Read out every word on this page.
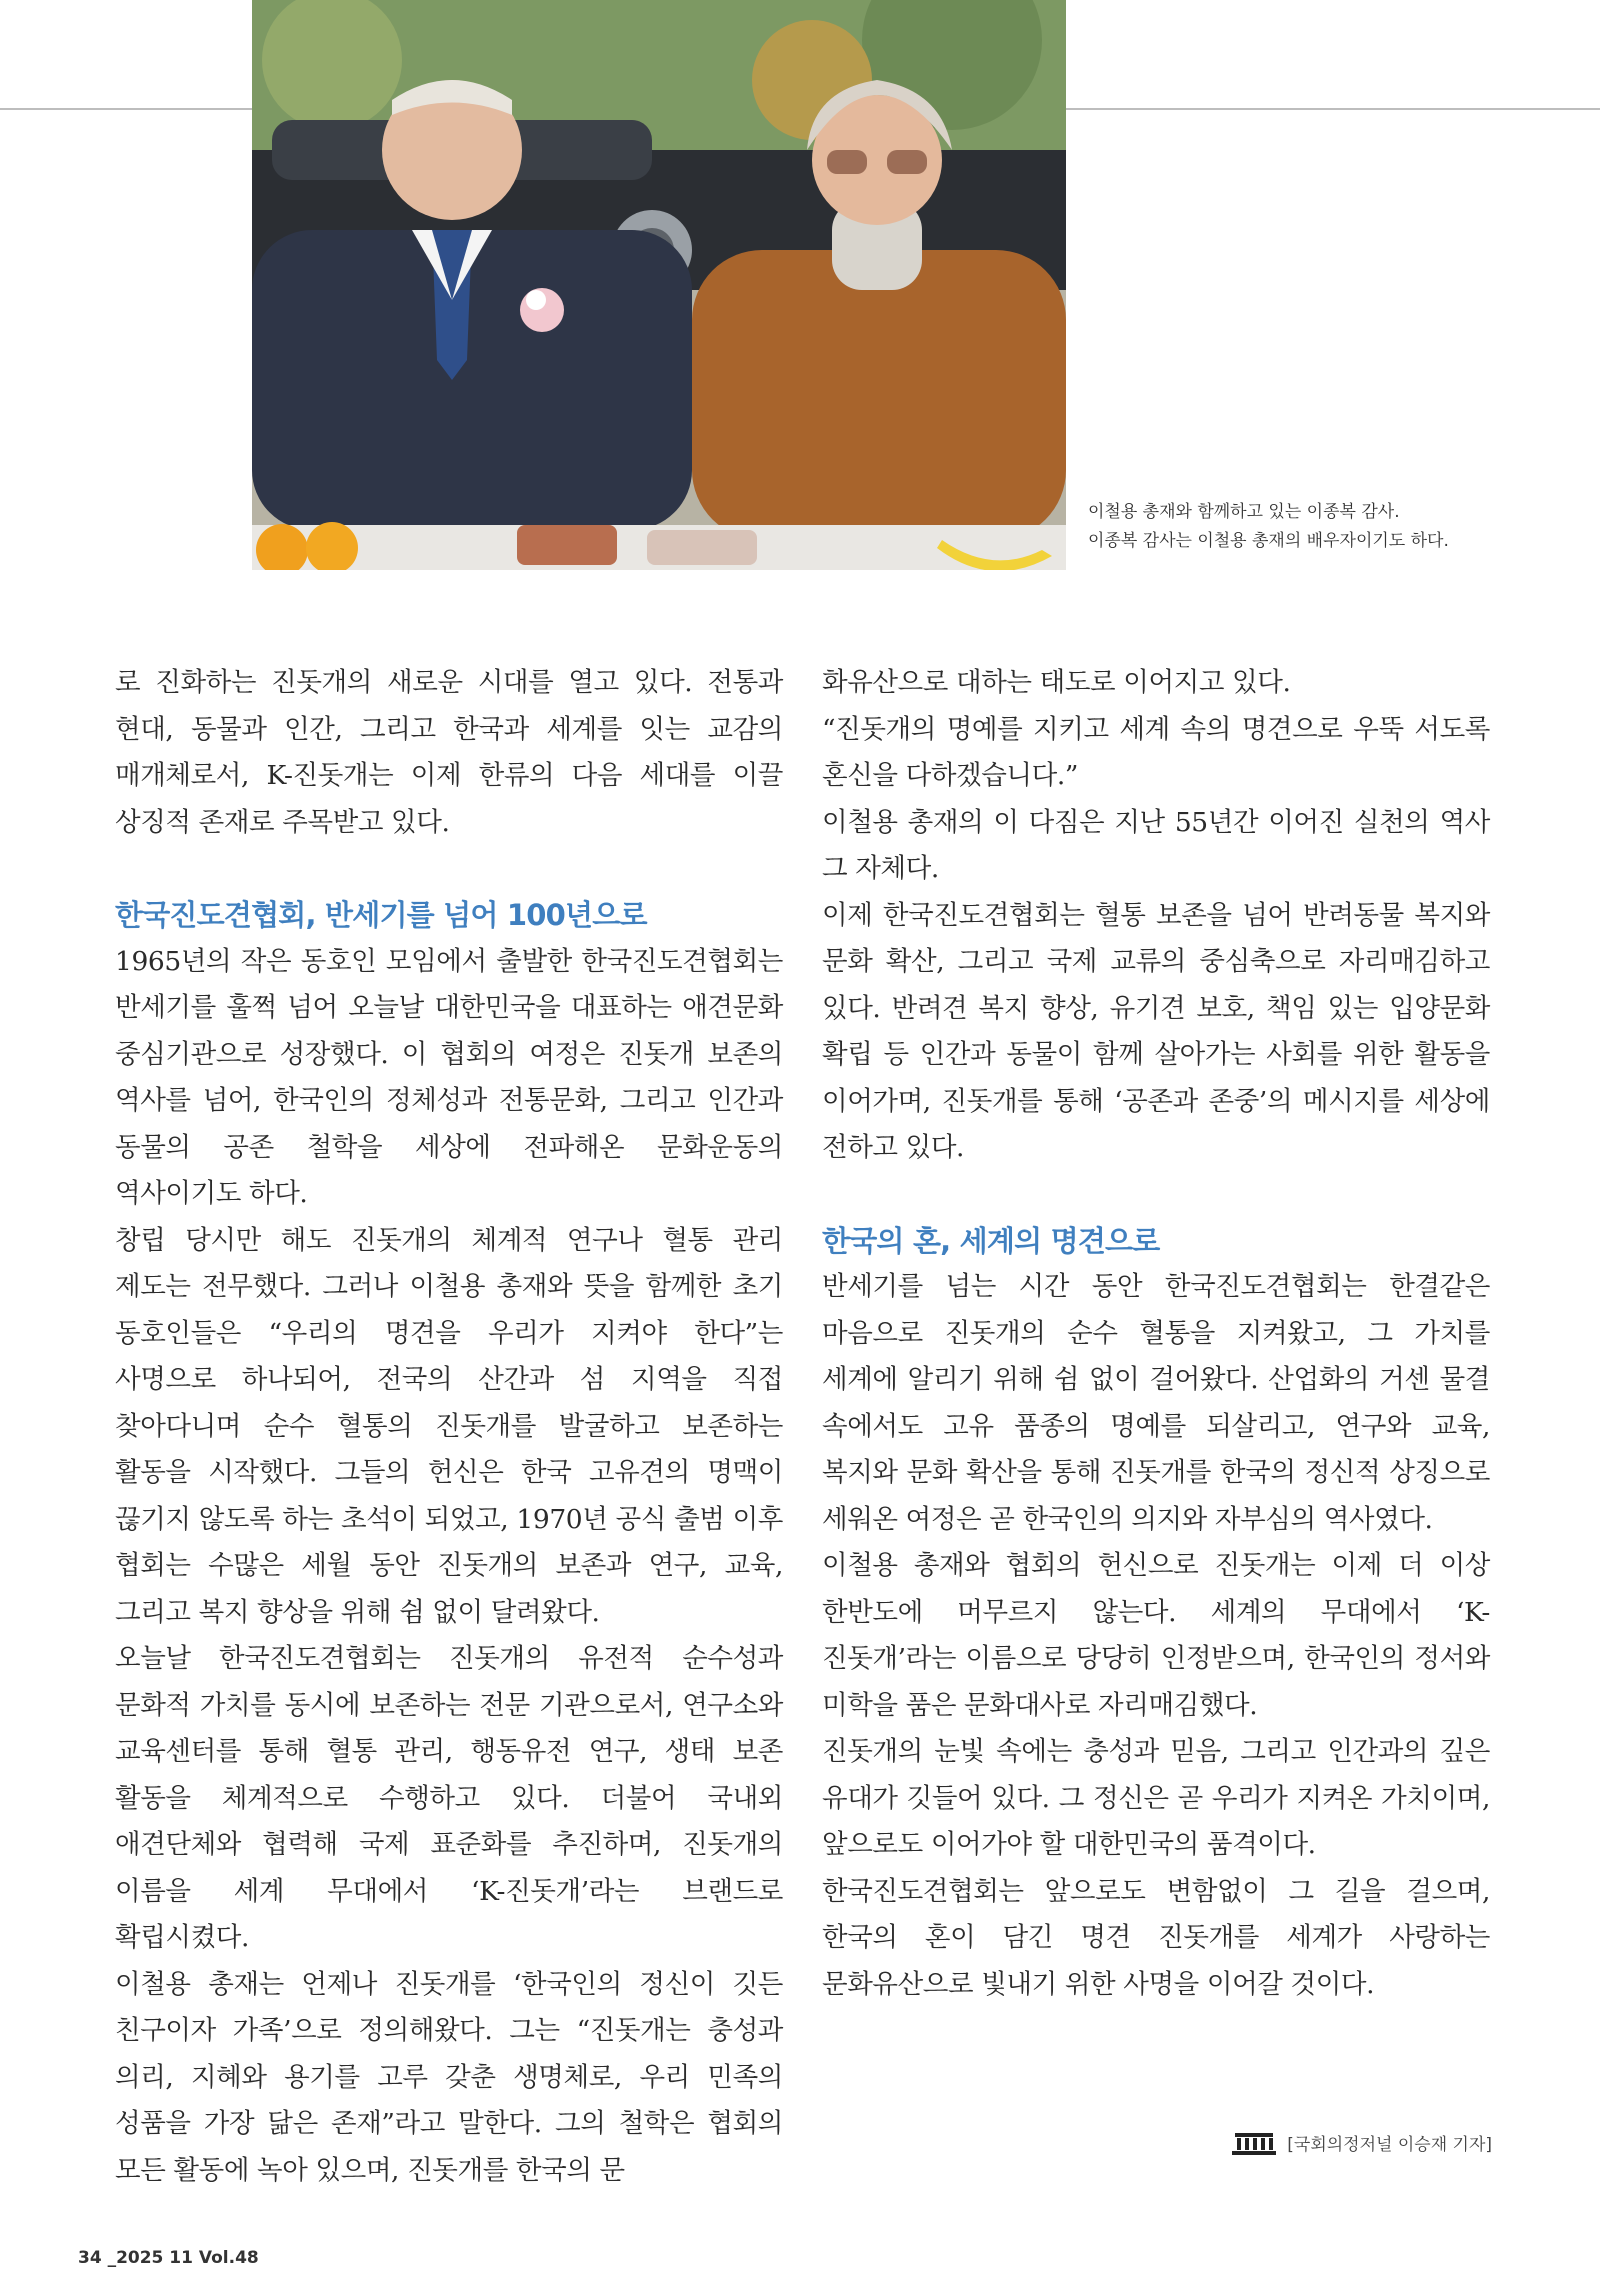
이철용 총재와 함께하고 있는 이종복 감사.
이종복 감사는 이철용 총재의 배우자이기도 하다.

로 진화하는 진돗개의 새로운 시대를 열고 있다. 전통과 현대, 동물과 인간, 그리고 한국과 세계를 잇는 교감의 매개체로서, K-진돗개는 이제 한류의 다음 세대를 이끌 상징적 존재로 주목받고 있다.

한국진도견협회, 반세기를 넘어 100년으로

1965년의 작은 동호인 모임에서 출발한 한국진도견협회는 반세기를 훌쩍 넘어 오늘날 대한민국을 대표하는 애견문화 중심기관으로 성장했다. 이 협회의 여정은 진돗개 보존의 역사를 넘어, 한국인의 정체성과 전통문화, 그리고 인간과 동물의 공존 철학을 세상에 전파해온 문화운동의 역사이기도 하다.

창립 당시만 해도 진돗개의 체계적 연구나 혈통 관리 제도는 전무했다. 그러나 이철용 총재와 뜻을 함께한 초기 동호인들은 “우리의 명견을 우리가 지켜야 한다”는 사명으로 하나되어, 전국의 산간과 섬 지역을 직접 찾아다니며 순수 혈통의 진돗개를 발굴하고 보존하는 활동을 시작했다. 그들의 헌신은 한국 고유견의 명맥이 끊기지 않도록 하는 초석이 되었고, 1970년 공식 출범 이후 협회는 수많은 세월 동안 진돗개의 보존과 연구, 교육, 그리고 복지 향상을 위해 쉼 없이 달려왔다.

오늘날 한국진도견협회는 진돗개의 유전적 순수성과 문화적 가치를 동시에 보존하는 전문 기관으로서, 연구소와 교육센터를 통해 혈통 관리, 행동유전 연구, 생태 보존 활동을 체계적으로 수행하고 있다. 더불어 국내외 애견단체와 협력해 국제 표준화를 추진하며, 진돗개의 이름을 세계 무대에서 ‘K-진돗개’라는 브랜드로 확립시켰다.

이철용 총재는 언제나 진돗개를 ‘한국인의 정신이 깃든 친구이자 가족’으로 정의해왔다. 그는 “진돗개는 충성과 의리, 지혜와 용기를 고루 갖춘 생명체로, 우리 민족의 성품을 가장 닮은 존재”라고 말한다. 그의 철학은 협회의 모든 활동에 녹아 있으며, 진돗개를 한국의 문

화유산으로 대하는 태도로 이어지고 있다.

“진돗개의 명예를 지키고 세계 속의 명견으로 우뚝 서도록 혼신을 다하겠습니다.”

이철용 총재의 이 다짐은 지난 55년간 이어진 실천의 역사 그 자체다.

이제 한국진도견협회는 혈통 보존을 넘어 반려동물 복지와 문화 확산, 그리고 국제 교류의 중심축으로 자리매김하고 있다. 반려견 복지 향상, 유기견 보호, 책임 있는 입양문화 확립 등 인간과 동물이 함께 살아가는 사회를 위한 활동을 이어가며, 진돗개를 통해 ‘공존과 존중’의 메시지를 세상에 전하고 있다.

한국의 혼, 세계의 명견으로

반세기를 넘는 시간 동안 한국진도견협회는 한결같은 마음으로 진돗개의 순수 혈통을 지켜왔고, 그 가치를 세계에 알리기 위해 쉼 없이 걸어왔다. 산업화의 거센 물결 속에서도 고유 품종의 명예를 되살리고, 연구와 교육, 복지와 문화 확산을 통해 진돗개를 한국의 정신적 상징으로 세워온 여정은 곧 한국인의 의지와 자부심의 역사였다.

이철용 총재와 협회의 헌신으로 진돗개는 이제 더 이상 한반도에 머무르지 않는다. 세계의 무대에서 ‘K-진돗개’라는 이름으로 당당히 인정받으며, 한국인의 정서와 미학을 품은 문화대사로 자리매김했다.

진돗개의 눈빛 속에는 충성과 믿음, 그리고 인간과의 깊은 유대가 깃들어 있다. 그 정신은 곧 우리가 지켜온 가치이며, 앞으로도 이어가야 할 대한민국의 품격이다.

한국진도견협회는 앞으로도 변함없이 그 길을 걸으며, 한국의 혼이 담긴 명견 진돗개를 세계가 사랑하는 문화유산으로 빛내기 위한 사명을 이어갈 것이다.

[국회의정저널 이승재 기자]
34 _2025 11 Vol.48
